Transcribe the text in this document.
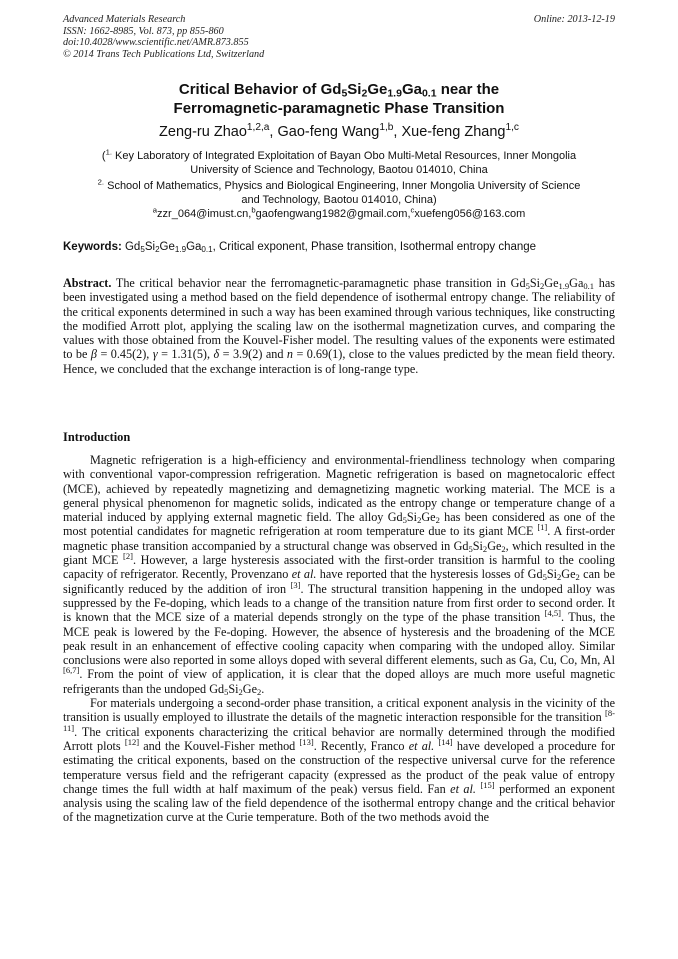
Advanced Materials Research
ISSN: 1662-8985, Vol. 873, pp 855-860
doi:10.4028/www.scientific.net/AMR.873.855
© 2014 Trans Tech Publications Ltd, Switzerland
Online: 2013-12-19
Critical Behavior of $Gd_5Si_2Ge_{1.9}Ga_{0.1}$ near the
Ferromagnetic-paramagnetic Phase Transition
Zeng-ru Zhao$^{1,2,a}$, Gao-feng Wang$^{1,b}$, Xue-feng Zhang$^{1,c}$
($^{1.}$ Key Laboratory of Integrated Exploitation of Bayan Obo Multi-Metal Resources, Inner Mongolia
University of Science and Technology, Baotou 014010, China
$^{2.}$ School of Mathematics, Physics and Biological Engineering, Inner Mongolia University of Science
and Technology, Baotou 014010, China)
$^a$zzr_064@imust.cn,$^b$gaofengwang1982@gmail.com,$^c$xuefeng056@163.com
Keywords: $Gd_5Si_2Ge_{1.9}Ga_{0.1}$, Critical exponent, Phase transition, Isothermal entropy change
Abstract. The critical behavior near the ferromagnetic-paramagnetic phase transition in $Gd_5Si_2Ge_{1.9}Ga_{0.1}$ has been investigated using a method based on the field dependence of isothermal entropy change. The reliability of the critical exponents determined in such a way has been examined through various techniques, like constructing the modified Arrott plot, applying the scaling law on the isothermal magnetization curves, and comparing the values with those obtained from the Kouvel-Fisher model. The resulting values of the exponents were estimated to be β = 0.45(2), γ = 1.31(5), δ = 3.9(2) and n = 0.69(1), close to the values predicted by the mean field theory. Hence, we concluded that the exchange interaction is of long-range type.
Introduction

Magnetic refrigeration is a high-efficiency and environmental-friendliness technology when comparing with conventional vapor-compression refrigeration. Magnetic refrigeration is based on magnetocaloric effect (MCE), achieved by repeatedly magnetizing and demagnetizing magnetic working material. The MCE is a general physical phenomenon for magnetic solids, indicated as the entropy change or temperature change of a material induced by applying external magnetic field. The alloy $Gd_5Si_2Ge_2$ has been considered as one of the most potential candidates for magnetic refrigeration at room temperature due to its giant MCE [1]. A first-order magnetic phase transition accompanied by a structural change was observed in $Gd_5Si_2Ge_2$, which resulted in the giant MCE [2]. However, a large hysteresis associated with the first-order transition is harmful to the cooling capacity of refrigerator. Recently, Provenzano et al. have reported that the hysteresis losses of $Gd_5Si_2Ge_2$ can be significantly reduced by the addition of iron [3]. The structural transition happening in the undoped alloy was suppressed by the Fe-doping, which leads to a change of the transition nature from first order to second order. It is known that the MCE size of a material depends strongly on the type of the phase transition [4,5]. Thus, the MCE peak is lowered by the Fe-doping. However, the absence of hysteresis and the broadening of the MCE peak result in an enhancement of effective cooling capacity when comparing with the undoped alloy. Similar conclusions were also reported in some alloys doped with several different elements, such as Ga, Cu, Co, Mn, Al [6,7]. From the point of view of application, it is clear that the doped alloys are much more useful magnetic refrigerants than the undoped $Gd_5Si_2Ge_2$.

For materials undergoing a second-order phase transition, a critical exponent analysis in the vicinity of the transition is usually employed to illustrate the details of the magnetic interaction responsible for the transition [8-11]. The critical exponents characterizing the critical behavior are normally determined through the modified Arrott plots [12] and the Kouvel-Fisher method [13]. Recently, Franco et al. [14] have developed a procedure for estimating the critical exponents, based on the construction of the respective universal curve for the reference temperature versus field and the refrigerant capacity (expressed as the product of the peak value of entropy change times the full width at half maximum of the peak) versus field. Fan et al. [15] performed an exponent analysis using the scaling law of the field dependence of the isothermal entropy change and the critical behavior of the magnetization curve at the Curie temperature. Both of the two methods avoid the
